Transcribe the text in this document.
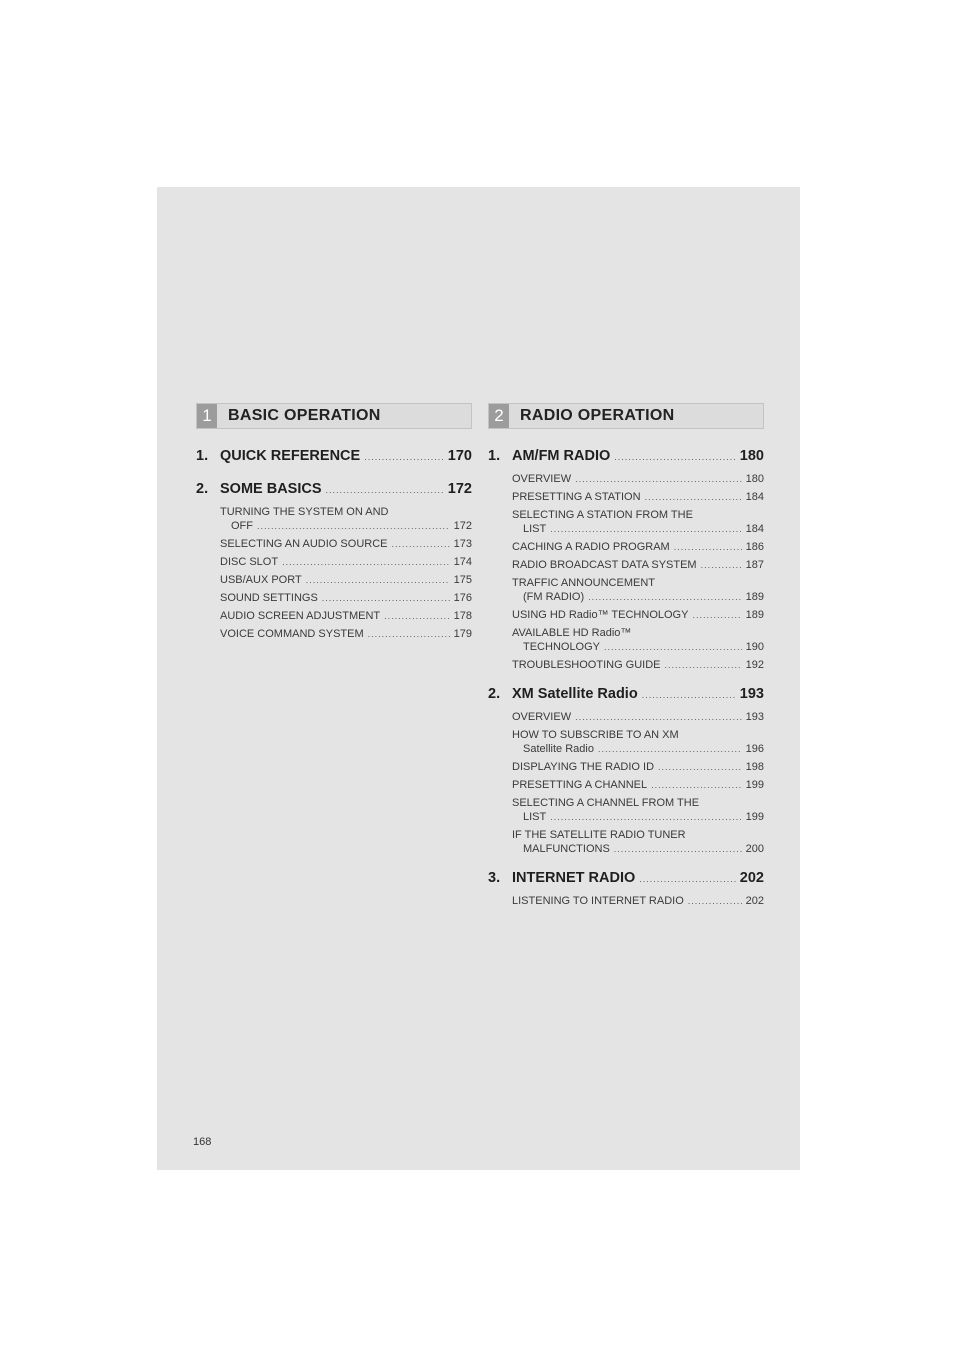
1	BASIC OPERATION
1. QUICK REFERENCE .....	170
2. SOME BASICS .....	172
TURNING THE SYSTEM ON AND
OFF .....	172
SELECTING AN AUDIO SOURCE .....	173
DISC SLOT .....	174
USB/AUX PORT .....	175
SOUND SETTINGS .....	176
AUDIO SCREEN ADJUSTMENT .....	178
VOICE COMMAND SYSTEM .....	179
2	RADIO OPERATION
1. AM/FM RADIO .....	180
OVERVIEW .....	180
PRESETTING A STATION .....	184
SELECTING A STATION FROM THE
LIST .....	184
CACHING A RADIO PROGRAM .....	186
RADIO BROADCAST DATA SYSTEM .....	187
TRAFFIC ANNOUNCEMENT
(FM RADIO) .....	189
USING HD Radio™ TECHNOLOGY .....	189
AVAILABLE HD Radio™
TECHNOLOGY .....	190
TROUBLESHOOTING GUIDE .....	192
2. XM Satellite Radio .....	193
OVERVIEW .....	193
HOW TO SUBSCRIBE TO AN XM
Satellite Radio .....	196
DISPLAYING THE RADIO ID .....	198
PRESETTING A CHANNEL .....	199
SELECTING A CHANNEL FROM THE
LIST .....	199
IF THE SATELLITE RADIO TUNER
MALFUNCTIONS .....	200
3. INTERNET RADIO .....	202
LISTENING TO INTERNET RADIO .....	202
168
